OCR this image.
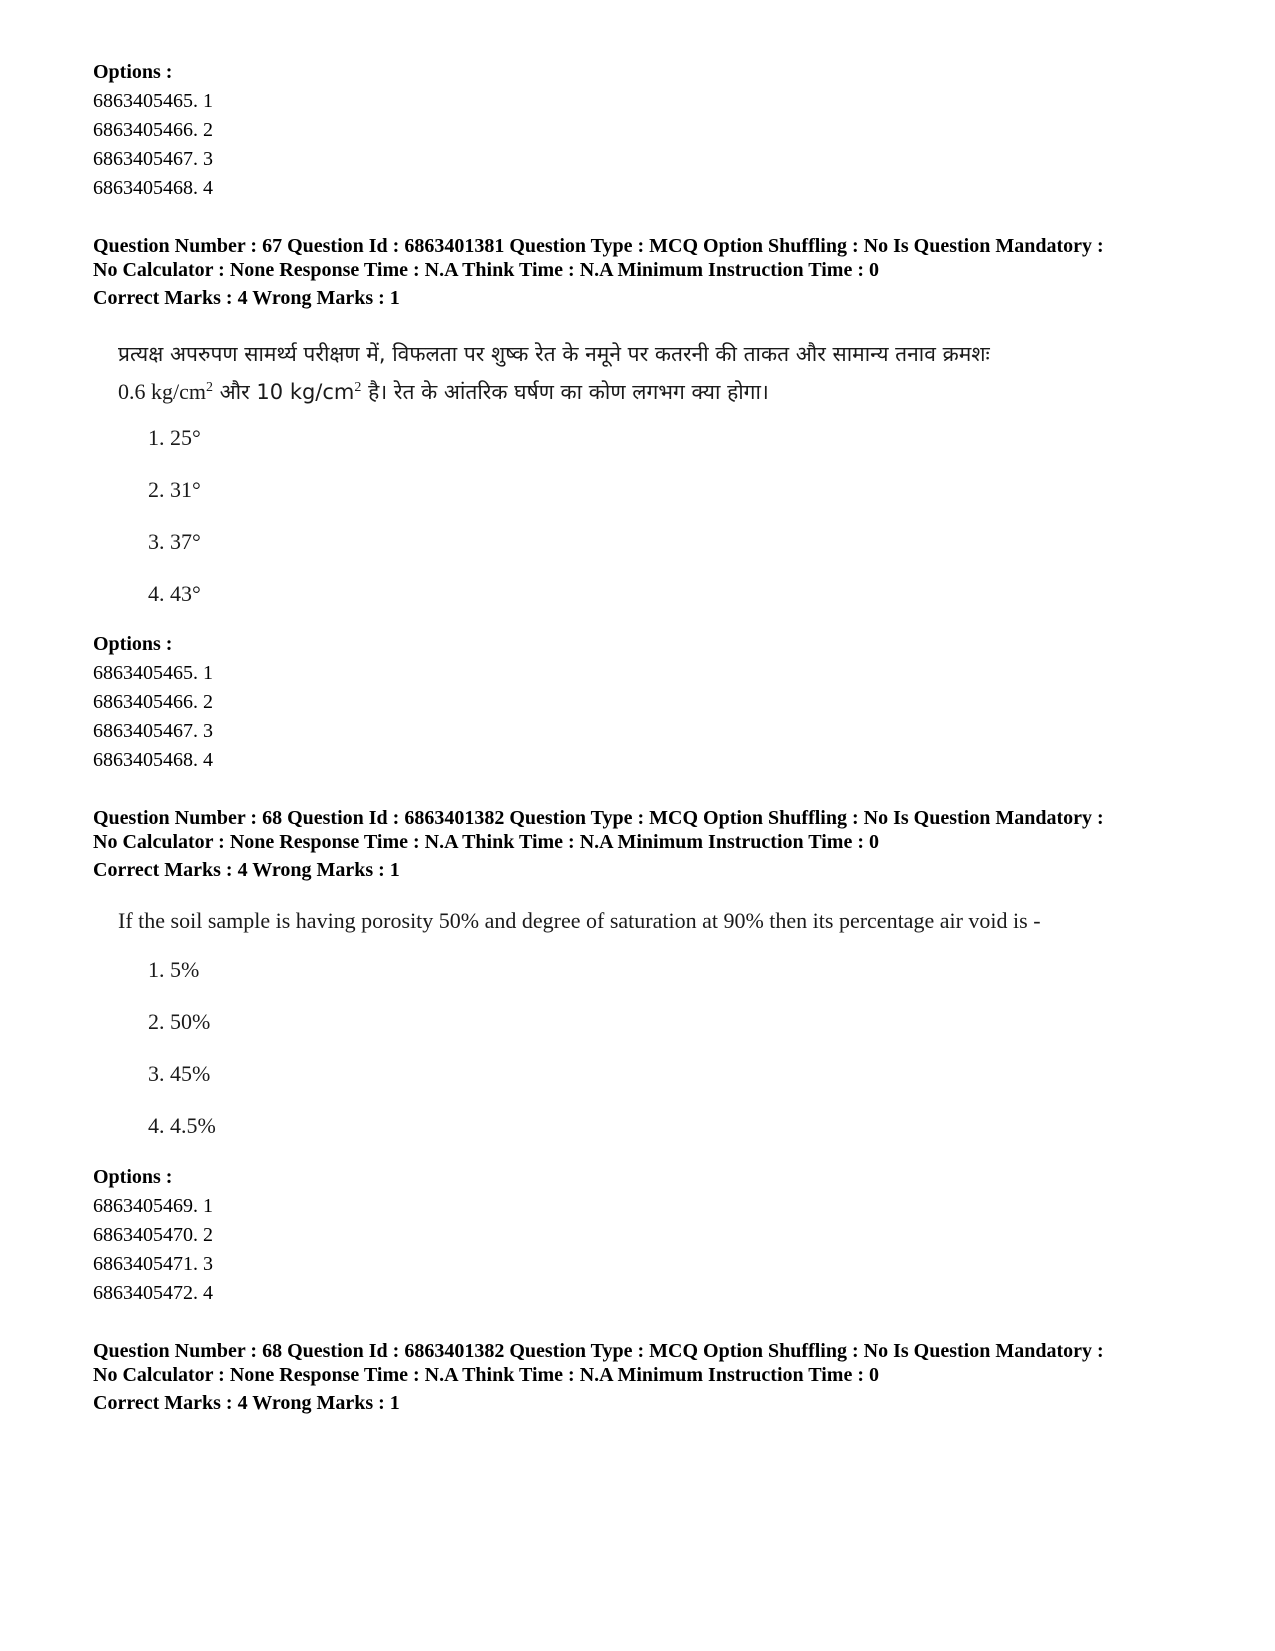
Options :
6863405465. 1
6863405466. 2
6863405467. 3
6863405468. 4
Question Number : 67 Question Id : 6863401381 Question Type : MCQ Option Shuffling : No Is Question Mandatory :
No Calculator : None Response Time : N.A Think Time : N.A Minimum Instruction Time : 0
Correct Marks : 4 Wrong Marks : 1
प्रत्यक्ष अपरुपण सामर्थ्य परीक्षण में, विफलता पर शुष्क रेत के नमूने पर कतरनी की ताकत और सामान्य तनाव क्रमशः
0.6 $kg/cm^2$ और 10 $kg/cm^2$ है। रेत के आंतरिक घर्षण का कोण लगभग क्या होगा।
1. 25°
2. 31°
3. 37°
4. 43°
Options :
6863405465. 1
6863405466. 2
6863405467. 3
6863405468. 4
Question Number : 68 Question Id : 6863401382 Question Type : MCQ Option Shuffling : No Is Question Mandatory :
No Calculator : None Response Time : N.A Think Time : N.A Minimum Instruction Time : 0
Correct Marks : 4 Wrong Marks : 1
If the soil sample is having porosity 50% and degree of saturation at 90% then its percentage air void is -
1. 5%
2. 50%
3. 45%
4. 4.5%
Options :
6863405469. 1
6863405470. 2
6863405471. 3
6863405472. 4
Question Number : 68 Question Id : 6863401382 Question Type : MCQ Option Shuffling : No Is Question Mandatory :
No Calculator : None Response Time : N.A Think Time : N.A Minimum Instruction Time : 0
Correct Marks : 4 Wrong Marks : 1
